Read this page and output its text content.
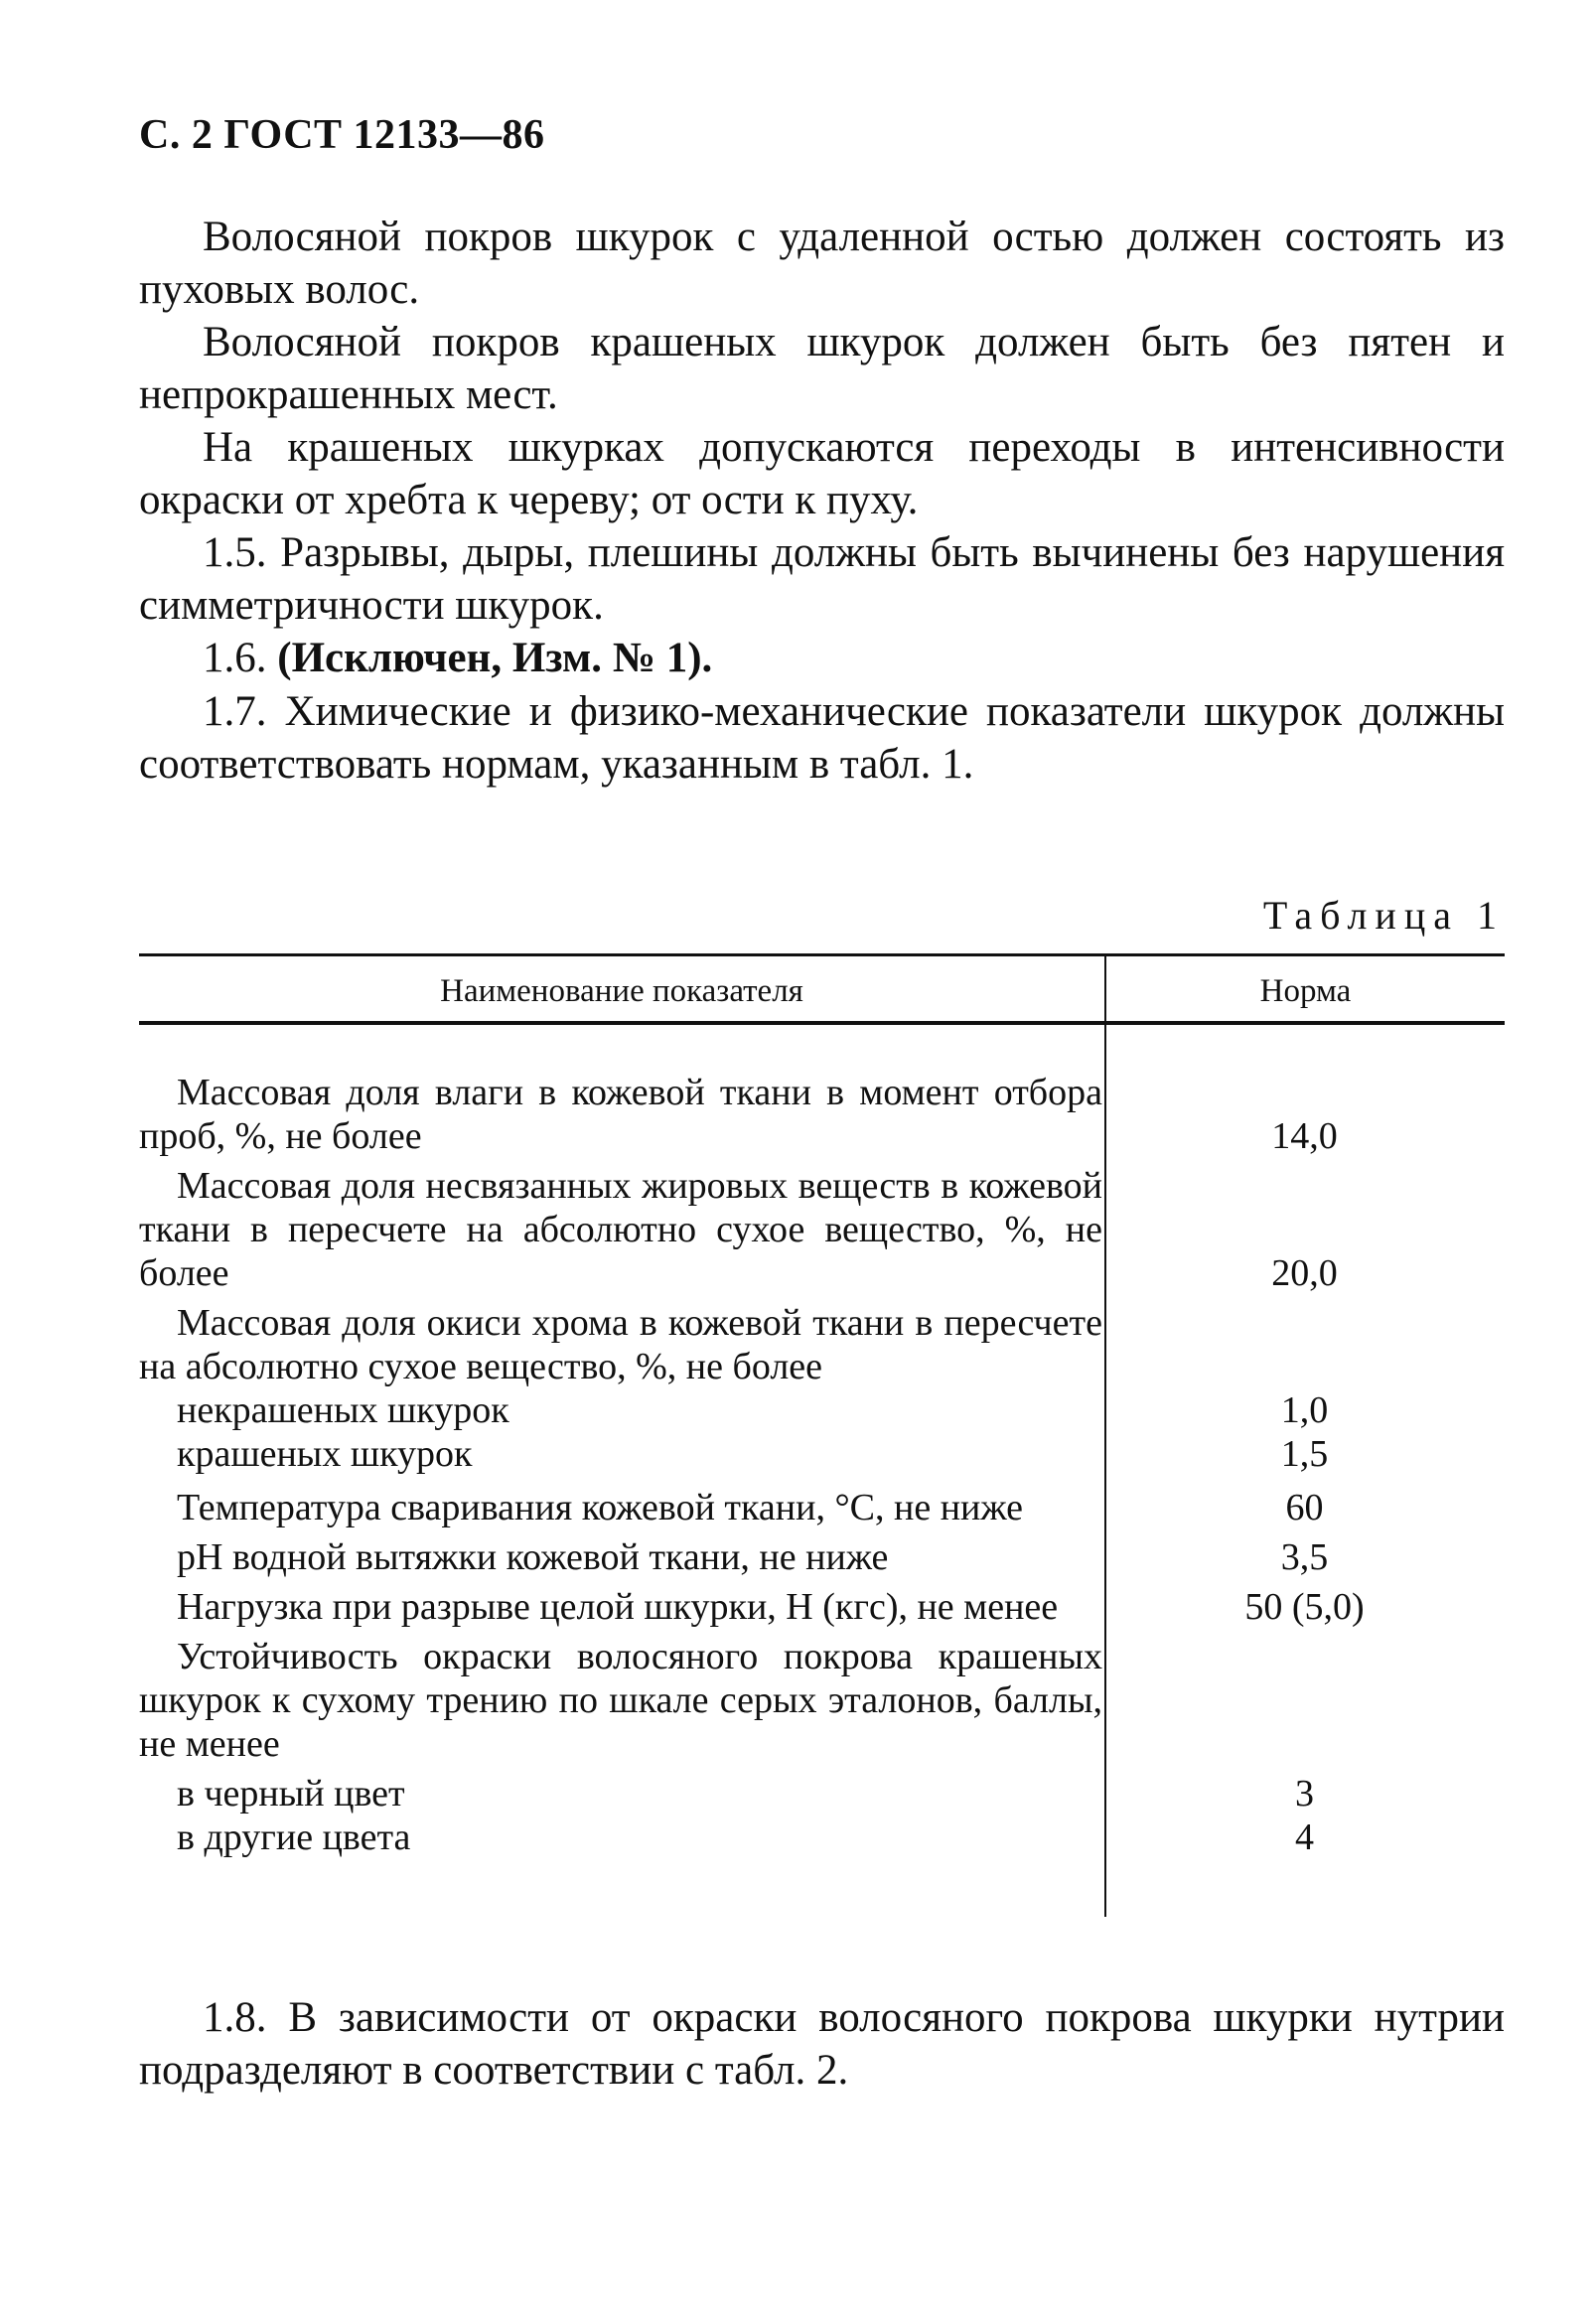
С. 2 ГОСТ 12133—86

Волосяной покров шкурок с удаленной остью должен состоять из пуховых волос.

Волосяной покров крашеных шкурок должен быть без пятен и непрокрашенных мест.

На крашеных шкурках допускаются переходы в интенсивности окраски от хребта к череву; от ости к пуху.

1.5. Разрывы, дыры, плешины должны быть вычинены без нарушения симметричности шкурок.

1.6. (Исключен, Изм. № 1).

1.7. Химические и физико-механические показатели шкурок должны соответствовать нормам, указанным в табл. 1.

Таблица 1
Наименование показателя	Норма
Массовая доля влаги в кожевой ткани в момент отбора проб, %, не более	14,0
Массовая доля несвязанных жировых веществ в кожевой ткани в пересчете на абсолютно сухое вещество, %, не более	20,0
Массовая доля окиси хрома в кожевой ткани в пересчете на абсолютно сухое вещество, %, не более
некрашеных шкурок	1,0
крашеных шкурок	1,5
Температура сваривания кожевой ткани, °С, не ниже	60
pH водной вытяжки кожевой ткани, не ниже	3,5
Нагрузка при разрыве целой шкурки, Н (кгс), не менее	50 (5,0)
Устойчивость окраски волосяного покрова крашеных шкурок к сухому трению по шкале серых эталонов, баллы, не менее
в черный цвет	3
в другие цвета	4

1.8. В зависимости от окраски волосяного покрова шкурки нутрии подразделяют в соответствии с табл. 2.
